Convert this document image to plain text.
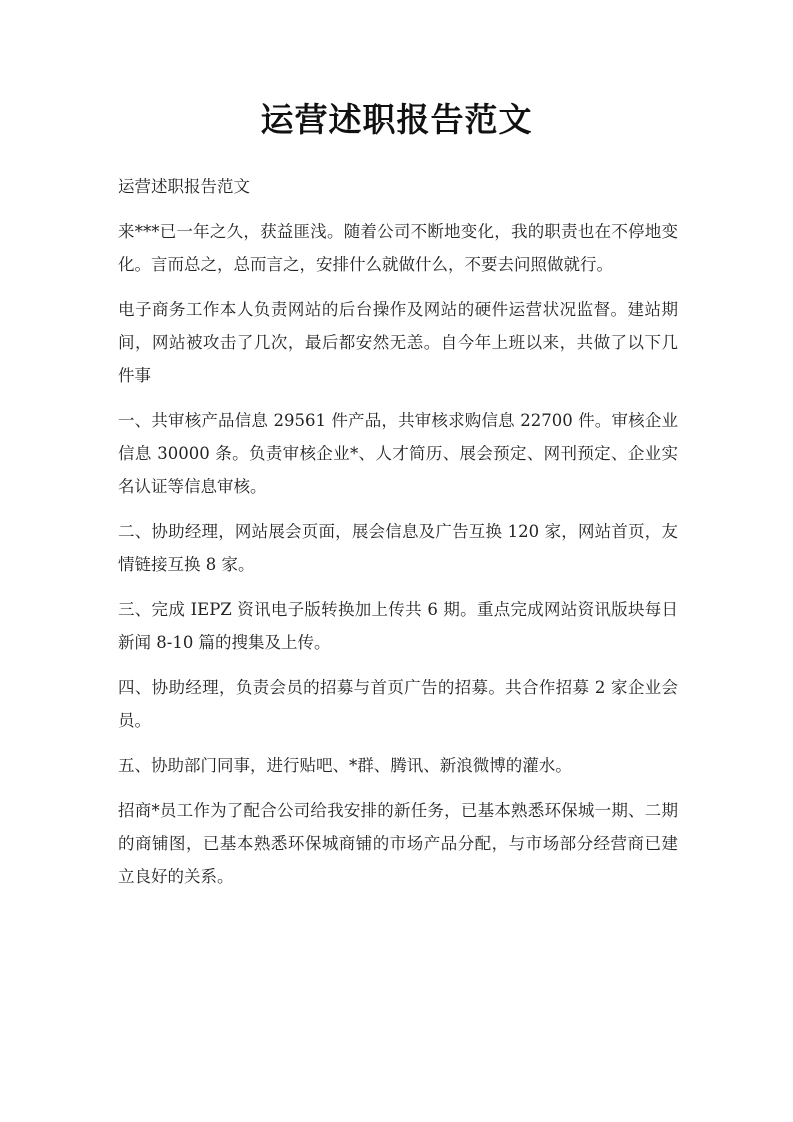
运营述职报告范文

运营述职报告范文

来***已一年之久，获益匪浅。随着公司不断地变化，我的职责也在不停地变化。言而总之，总而言之，安排什么就做什么，不要去问照做就行。

电子商务工作本人负责网站的后台操作及网站的硬件运营状况监督。建站期间，网站被攻击了几次，最后都安然无恙。自今年上班以来，共做了以下几件事

一、共审核产品信息 29561 件产品，共审核求购信息 22700 件。审核企业信息 30000 条。负责审核企业*、人才简历、展会预定、网刊预定、企业实名认证等信息审核。

二、协助经理，网站展会页面，展会信息及广告互换 120 家，网站首页，友情链接互换 8 家。

三、完成 IEPZ 资讯电子版转换加上传共 6 期。重点完成网站资讯版块每日新闻 8-10 篇的搜集及上传。

四、协助经理，负责会员的招募与首页广告的招募。共合作招募 2 家企业会员。

五、协助部门同事，进行贴吧、*群、腾讯、新浪微博的灌水。

招商*员工作为了配合公司给我安排的新任务，已基本熟悉环保城一期、二期的商铺图，已基本熟悉环保城商铺的市场产品分配，与市场部分经营商已建立良好的关系。
